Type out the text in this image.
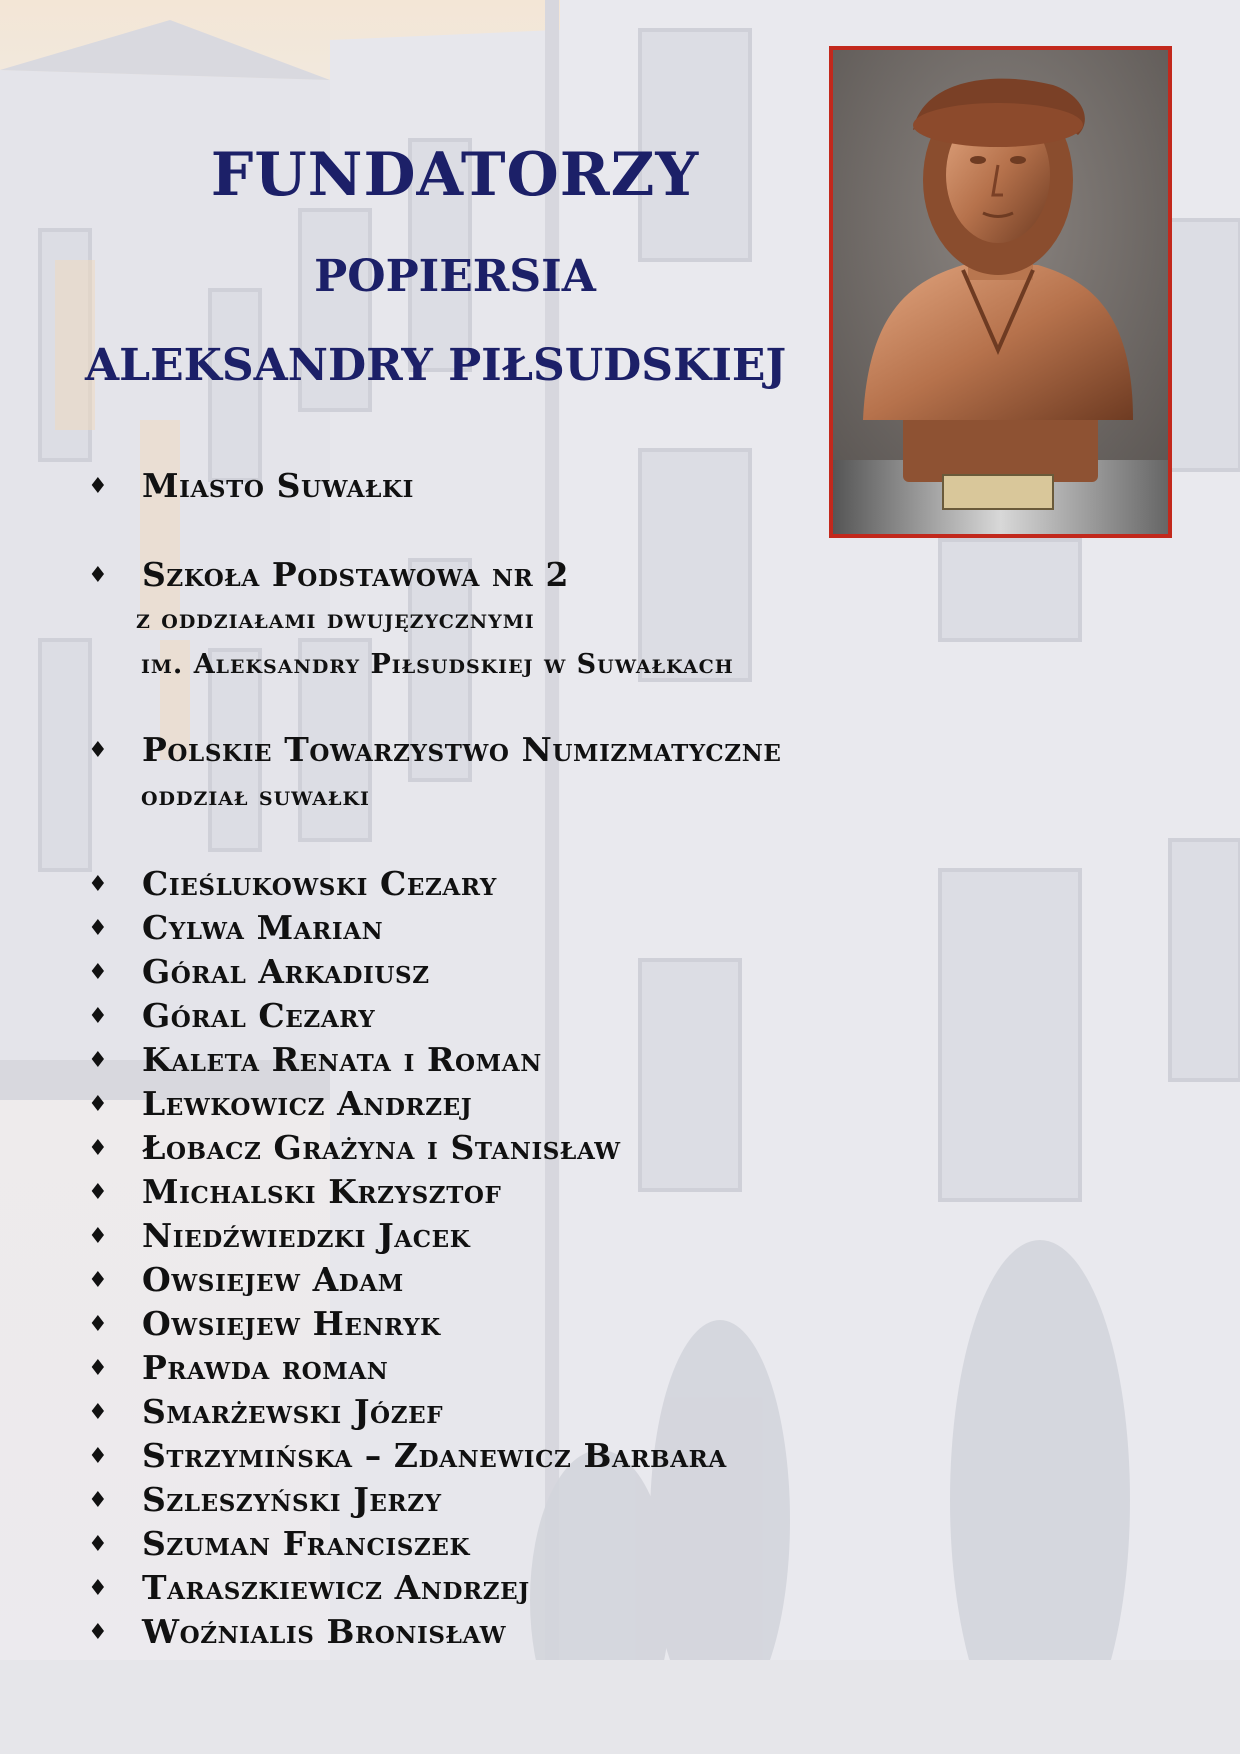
FUNDATORZY
POPIERSIA
ALEKSANDRY PIŁSUDSKIEJ
♦ Miasto Suwałki
♦ Szkoła Podstawowa nr 2
z oddziałami dwujęzycznymi
im. Aleksandry Piłsudskiej w Suwałkach
♦ Polskie Towarzystwo Numizmatyczne
oddział suwałki
♦ Cieślukowski Cezary
♦ Cylwa Marian
♦ Góral Arkadiusz
♦ Góral Cezary
♦ Kaleta Renata i Roman
♦ Lewkowicz Andrzej
♦ Łobacz Grażyna i Stanisław
♦ Michalski Krzysztof
♦ Niedźwiedzki Jacek
♦ Owsiejew Adam
♦ Owsiejew Henryk
♦ Prawda roman
♦ Smarżewski Józef
♦ Strzymińska – Zdanewicz Barbara
♦ Szleszyński Jerzy
♦ Szuman Franciszek
♦ Taraszkiewicz Andrzej
♦ Woźnialis Bronisław
